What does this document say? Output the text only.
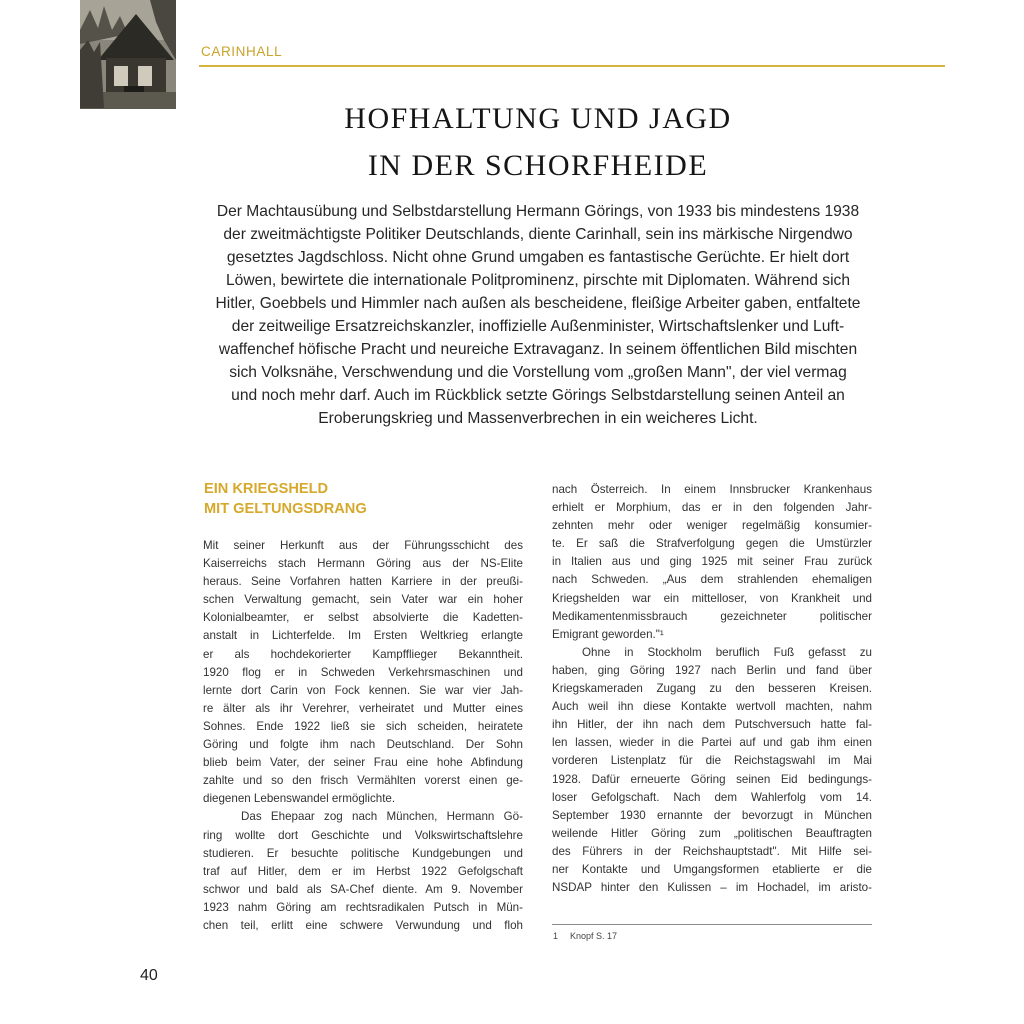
CARINHALL
HOFHALTUNG UND JAGD
IN DER SCHORFHEIDE
Der Machtausübung und Selbstdarstellung Hermann Görings, von 1933 bis mindestens 1938
der zweitmächtigste Politiker Deutschlands, diente Carinhall, sein ins märkische Nirgendwo
gesetztes Jagdschloss. Nicht ohne Grund umgaben es fantastische Gerüchte. Er hielt dort
Löwen, bewirtete die internationale Politprominenz, pirschte mit Diplomaten. Während sich
Hitler, Goebbels und Himmler nach außen als bescheidene, fleißige Arbeiter gaben, entfaltete
der zeitweilige Ersatzreichskanzler, inoffizielle Außenminister, Wirtschaftslenker und Luft-
waffenchef höfische Pracht und neureiche Extravaganz. In seinem öffentlichen Bild mischten
sich Volksnähe, Verschwendung und die Vorstellung vom „großen Mann", der viel vermag
und noch mehr darf. Auch im Rückblick setzte Görings Selbstdarstellung seinen Anteil an
Eroberungskrieg und Massenverbrechen in ein weicheres Licht.
EIN KRIEGSHELD
MIT GELTUNGSDRANG
Mit seiner Herkunft aus der Führungsschicht des
Kaiserreichs stach Hermann Göring aus der NS-Elite
heraus. Seine Vorfahren hatten Karriere in der preußi-
schen Verwaltung gemacht, sein Vater war ein hoher
Kolonialbeamter, er selbst absolvierte die Kadetten-
anstalt in Lichterfelde. Im Ersten Weltkrieg erlangte
er als hochdekorierter Kampfflieger Bekanntheit.
1920 flog er in Schweden Verkehrsmaschinen und
lernte dort Carin von Fock kennen. Sie war vier Jah-
re älter als ihr Verehrer, verheiratet und Mutter eines
Sohnes. Ende 1922 ließ sie sich scheiden, heiratete
Göring und folgte ihm nach Deutschland. Der Sohn
blieb beim Vater, der seiner Frau eine hohe Abfindung
zahlte und so den frisch Vermählten vorerst einen ge-
diegenen Lebenswandel ermöglichte.
Das Ehepaar zog nach München, Hermann Gö-
ring wollte dort Geschichte und Volkswirtschaftslehre
studieren. Er besuchte politische Kundgebungen und
traf auf Hitler, dem er im Herbst 1922 Gefolgschaft
schwor und bald als SA-Chef diente. Am 9. November
1923 nahm Göring am rechtsradikalen Putsch in Mün-
chen teil, erlitt eine schwere Verwundung und floh
nach Österreich. In einem Innsbrucker Krankenhaus
erhielt er Morphium, das er in den folgenden Jahr-
zehnten mehr oder weniger regelmäßig konsumier-
te. Er saß die Strafverfolgung gegen die Umstürzler
in Italien aus und ging 1925 mit seiner Frau zurück
nach Schweden. „Aus dem strahlenden ehemaligen
Kriegshelden war ein mittelloser, von Krankheit und
Medikamentenmissbrauch gezeichneter politischer
Emigrant geworden."¹
Ohne in Stockholm beruflich Fuß gefasst zu
haben, ging Göring 1927 nach Berlin und fand über
Kriegskameraden Zugang zu den besseren Kreisen.
Auch weil ihn diese Kontakte wertvoll machten, nahm
ihn Hitler, der ihn nach dem Putschversuch hatte fal-
len lassen, wieder in die Partei auf und gab ihm einen
vorderen Listenplatz für die Reichstagswahl im Mai
1928. Dafür erneuerte Göring seinen Eid bedingungs-
loser Gefolgschaft. Nach dem Wahlerfolg vom 14.
September 1930 ernannte der bevorzugt in München
weilende Hitler Göring zum „politischen Beauftragten
des Führers in der Reichshauptstadt". Mit Hilfe sei-
ner Kontakte und Umgangsformen etablierte er die
NSDAP hinter den Kulissen – im Hochadel, im aristo-
1 Knopf S. 17
40
